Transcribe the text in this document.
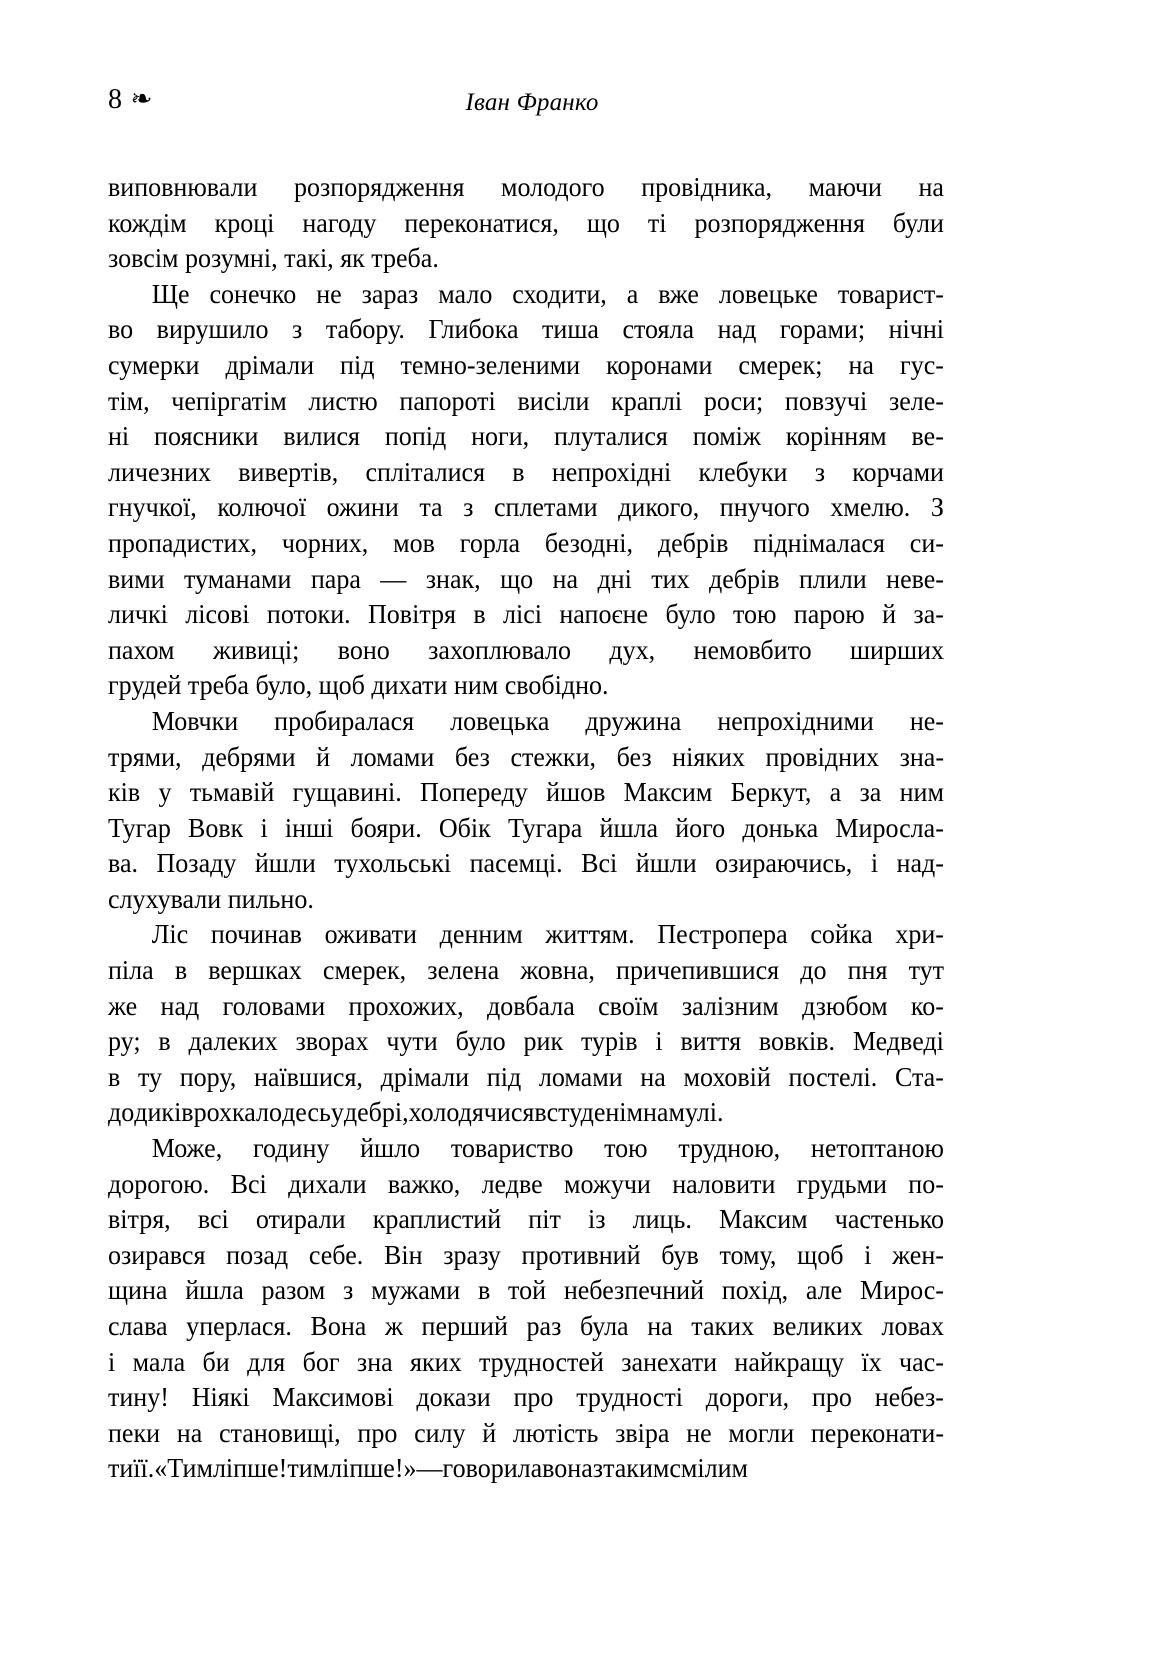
8 ❧	Іван Франко
виповнювали розпорядження молодого провідника, маючи на
кождім кроці нагоду переконатися, що ті розпорядження були
зовсім розумні, такі, як треба.
Ще сонечко не зараз мало сходити, а вже ловецьке товарист-
во вирушило з табору. Глибока тиша стояла над горами; нічні
сумерки дрімали під темно-зеленими коронами смерек; на гус-
тім, чепіргатім листю папороті висіли краплі роси; повзучі зеле-
ні пояcники вилися попід ноги, плуталися поміж корінням ве-
личезних вивертів, спліталися в непрохідні клебуки з корчами
гнучкої, колючої ожини та з сплетами дикого, пнучого хмелю. З
пропадистих, чорних, мов горла безодні, дебрів піднімалася си-
вими туманами пара — знак, що на дні тих дебрів плили неве-
личкі лісові потоки. Повітря в лісі напоєне було тою парою й за-
пахом живиці; воно захоплювало дух, немовбито ширших
грудей треба було, щоб дихати ним свобідно.
Мовчки пробиралася ловецька дружина непрохідними не-
трями, дебрями й ломами без стежки, без ніяких провідних зна-
ків у тьмавій гущавині. Попереду йшов Максим Беркут, а за ним
Тугар Вовк і інші бояри. Обік Тугара йшла його донька Миросла-
ва. Позаду йшли тухольські пасемці. Всі йшли озираючись, і над-
слухували пильно.
Ліс починав оживати денним життям. Пестропера сойка хри-
піла в вершках смерек, зелена жовна, причепившися до пня тут
же над головами прохожих, довбала своїм залізним дзюбом ко-
ру; в далеких зворах чути було рик турів і виття вовків. Медведі
в ту пору, наївшися, дрімали під ломами на моховій постелі. Ста-
до диків рохкало десь у дебрі, холодячися в студенім намулі.
Може, годину йшло товариство тою трудною, нетоптаною
дорогою. Всі дихали важко, ледве можучи наловити грудьми по-
вітря, всі отирали краплистий піт із лиць. Максим частенько
озирався позад себе. Він зразу противний був тому, щоб і жен-
щина йшла разом з мужами в той небезпечний похід, але Мирос-
слава уперлася. Вона ж перший раз була на таких великих ловах
і мала би для бог зна яких трудностей занехати найкращу їх час-
тину! Ніякі Максимові докази про трудності дороги, про небез-
пеки на становищі, про силу й лютість звіра не могли переконати-
ти її. «Тим ліпше! тим ліпше!» — говорила вона з таким смілим
